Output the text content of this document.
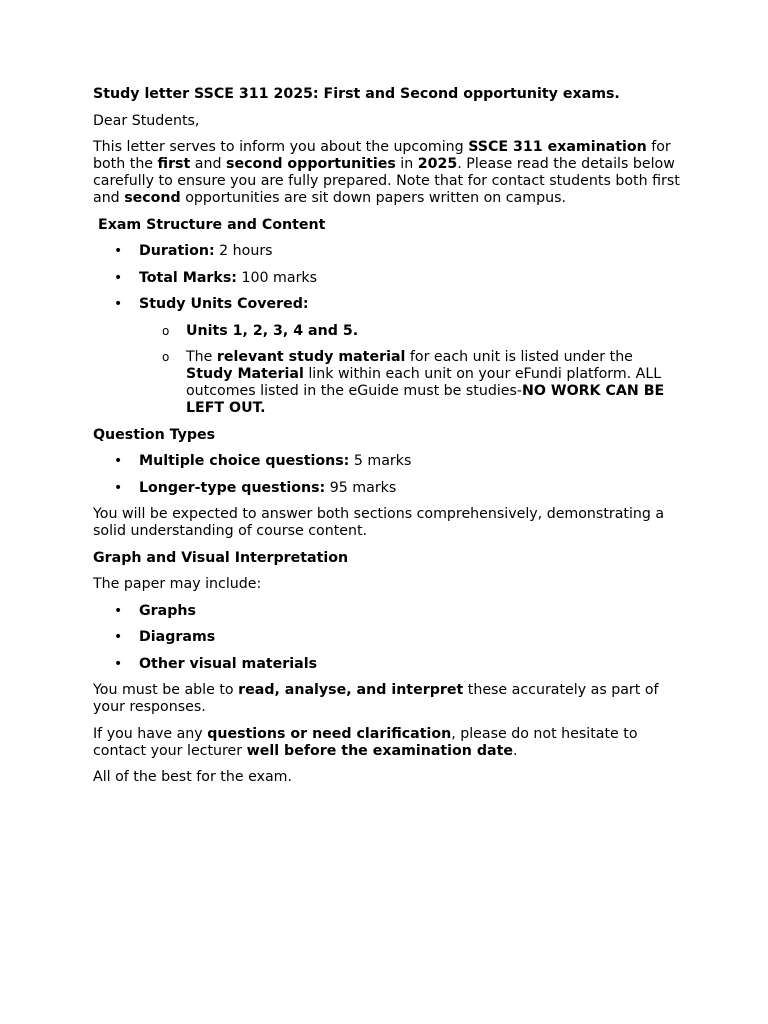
Study letter SSCE 311 2025: First and Second opportunity exams.

Dear Students,

This letter serves to inform you about the upcoming SSCE 311 examination for both the first and second opportunities in 2025. Please read the details below carefully to ensure you are fully prepared. Note that for contact students both first and second opportunities are sit down papers written on campus.

Exam Structure and Content
• Duration: 2 hours
• Total Marks: 100 marks
• Study Units Covered:
o Units 1, 2, 3, 4 and 5.
o The relevant study material for each unit is listed under the Study Material link within each unit on your eFundi platform. ALL outcomes listed in the eGuide must be studies-NO WORK CAN BE LEFT OUT.
Question Types
• Multiple choice questions: 5 marks
• Longer-type questions: 95 marks

You will be expected to answer both sections comprehensively, demonstrating a solid understanding of course content.

Graph and Visual Interpretation

The paper may include:

• Graphs
• Diagrams
• Other visual materials

You must be able to read, analyse, and interpret these accurately as part of your responses.

If you have any questions or need clarification, please do not hesitate to contact your lecturer well before the examination date.

All of the best for the exam.
